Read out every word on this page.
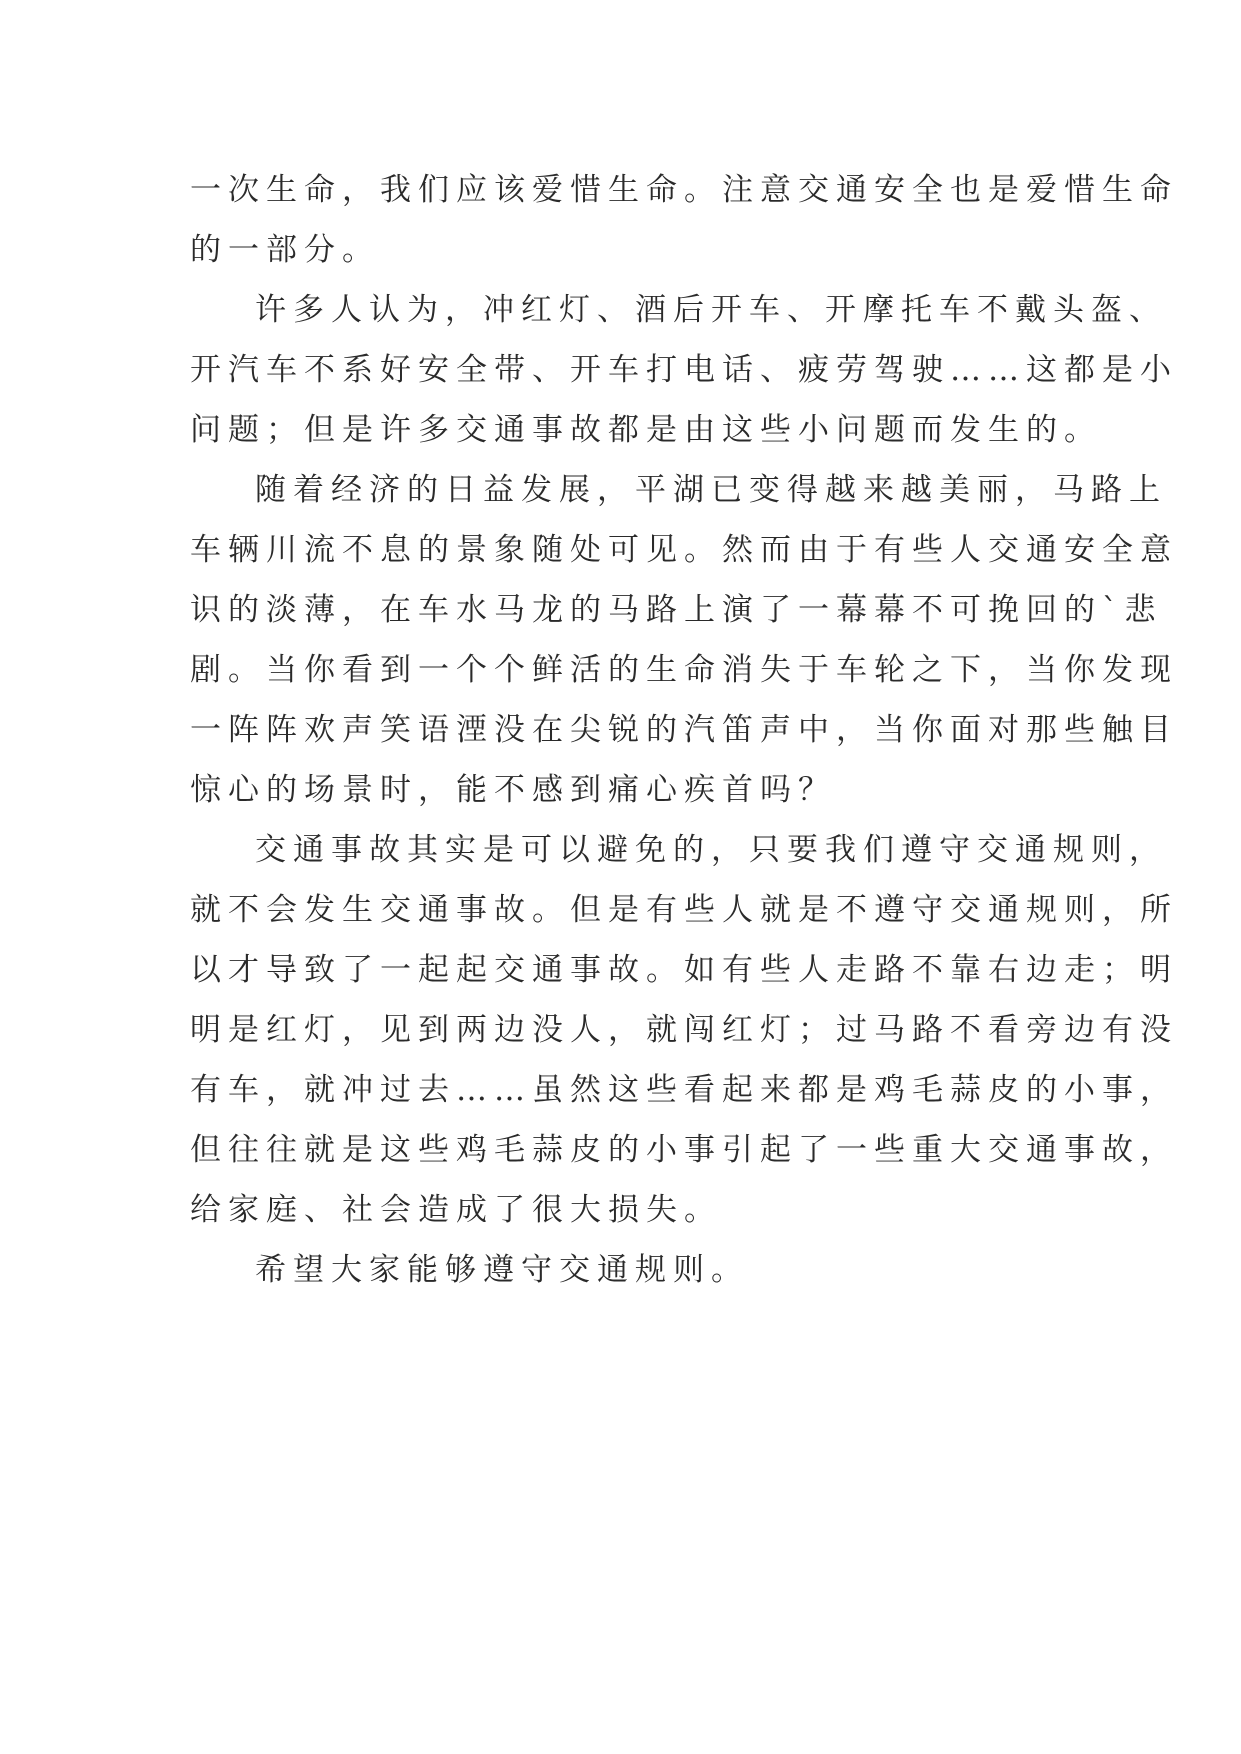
一次生命，我们应该爱惜生命。注意交通安全也是爱惜生命
的一部分。
许多人认为，冲红灯、酒后开车、开摩托车不戴头盔、
开汽车不系好安全带、开车打电话、疲劳驾驶……这都是小
问题；但是许多交通事故都是由这些小问题而发生的。
随着经济的日益发展，平湖已变得越来越美丽，马路上
车辆川流不息的景象随处可见。然而由于有些人交通安全意
识的淡薄，在车水马龙的马路上演了一幕幕不可挽回的`悲
剧。当你看到一个个鲜活的生命消失于车轮之下，当你发现
一阵阵欢声笑语湮没在尖锐的汽笛声中，当你面对那些触目
惊心的场景时，能不感到痛心疾首吗？
交通事故其实是可以避免的，只要我们遵守交通规则，
就不会发生交通事故。但是有些人就是不遵守交通规则，所
以才导致了一起起交通事故。如有些人走路不靠右边走；明
明是红灯，见到两边没人，就闯红灯；过马路不看旁边有没
有车，就冲过去……虽然这些看起来都是鸡毛蒜皮的小事，
但往往就是这些鸡毛蒜皮的小事引起了一些重大交通事故，
给家庭、社会造成了很大损失。
希望大家能够遵守交通规则。
